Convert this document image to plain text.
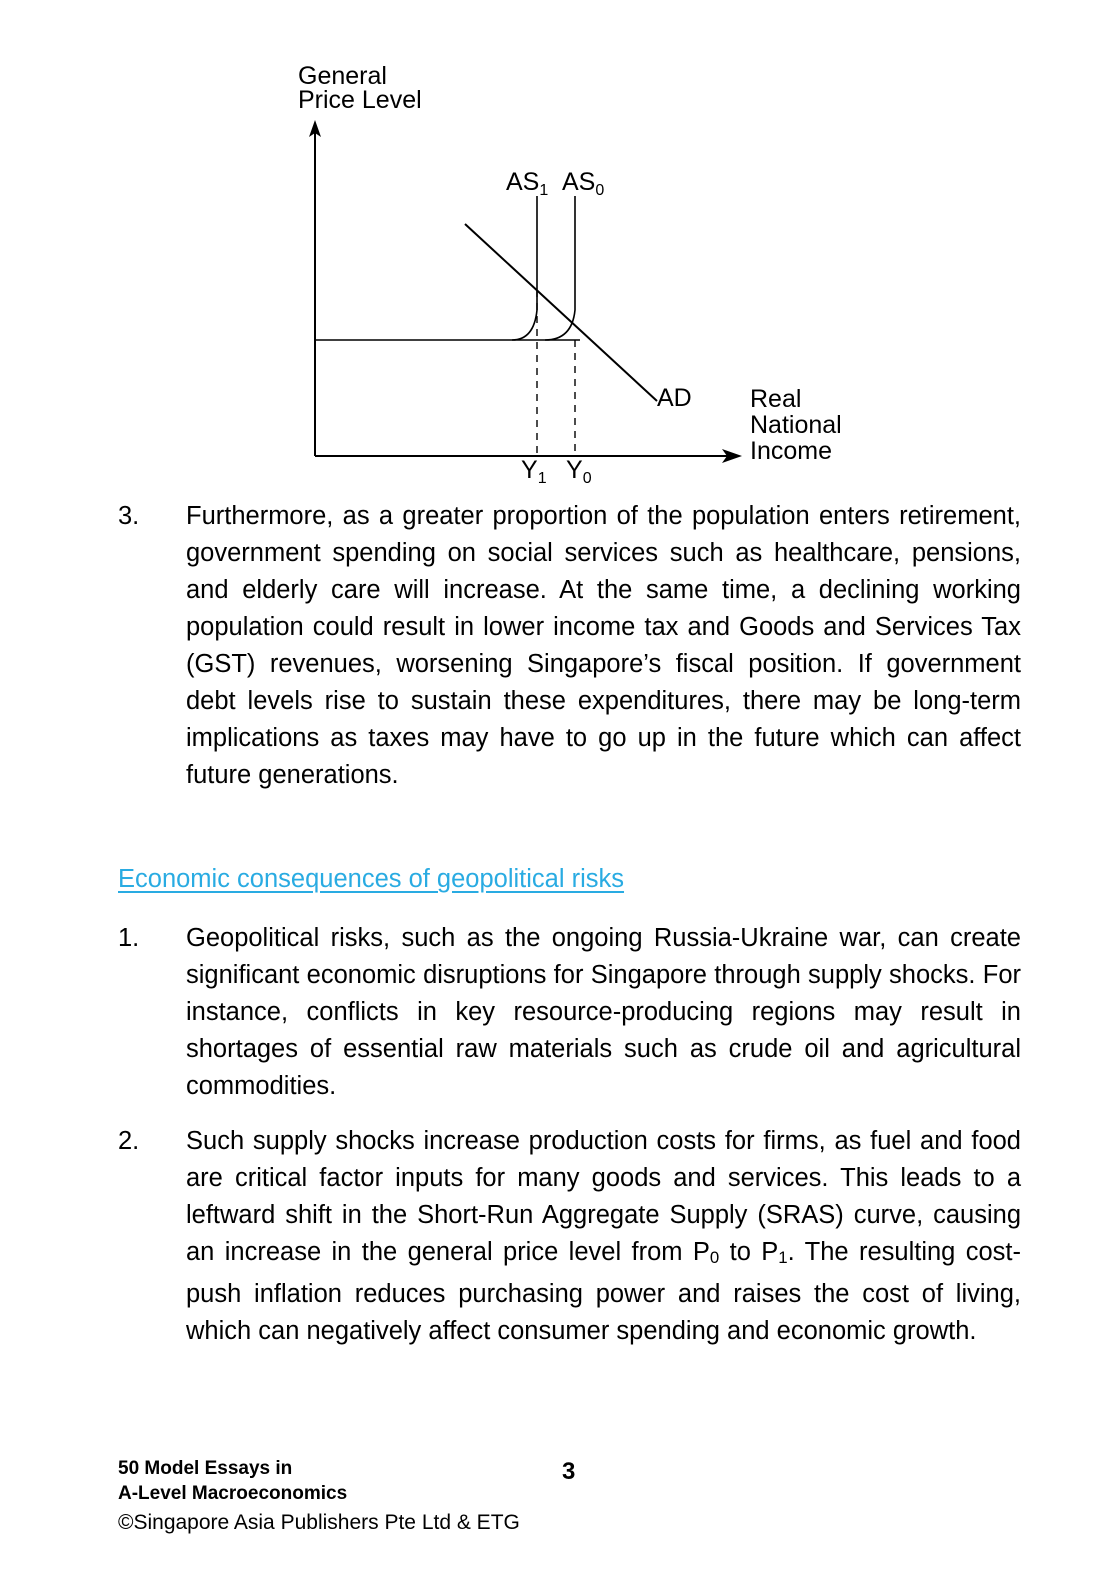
General
Price Level
$AS_1$ $AS_0$
AD
$Y_1$ $Y_0$
Real
National
Income
3.	Furthermore, as a greater proportion of the population enters retirement, government spending on social services such as healthcare, pensions, and elderly care will increase. At the same time, a declining working population could result in lower income tax and Goods and Services Tax (GST) revenues, worsening Singapore’s fiscal position. If government debt levels rise to sustain these expenditures, there may be long-term implications as taxes may have to go up in the future which can affect future generations.
Economic consequences of geopolitical risks
1.	Geopolitical risks, such as the ongoing Russia-Ukraine war, can create significant economic disruptions for Singapore through supply shocks. For instance, conflicts in key resource-producing regions may result in shortages of essential raw materials such as crude oil and agricultural commodities.
2.	Such supply shocks increase production costs for firms, as fuel and food are critical factor inputs for many goods and services. This leads to a leftward shift in the Short-Run Aggregate Supply (SRAS) curve, causing an increase in the general price level from $P_0$ to $P_1$. The resulting cost-push inflation reduces purchasing power and raises the cost of living, which can negatively affect consumer spending and economic growth.
50 Model Essays in
A-Level Macroeconomics
©Singapore Asia Publishers Pte Ltd & ETG
3
